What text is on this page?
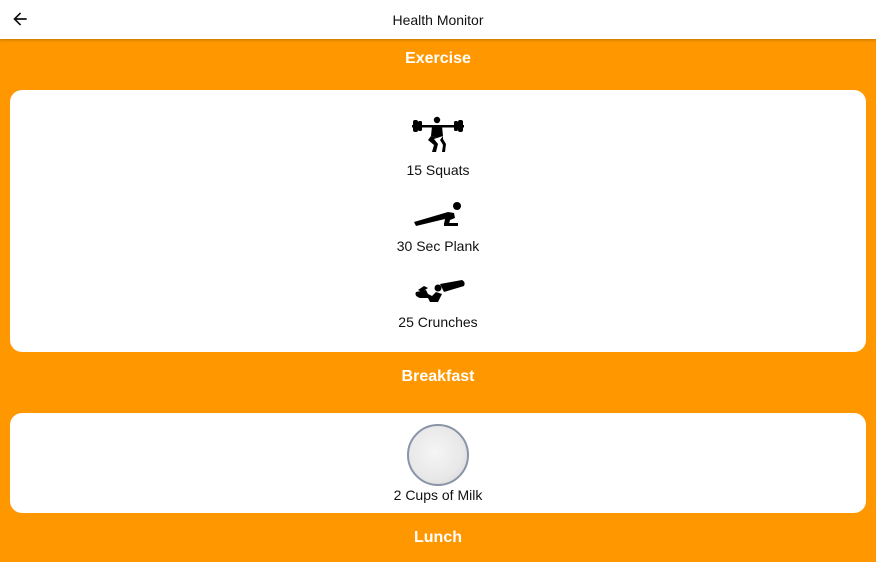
Health Monitor
Exercise
15 Squats
30 Sec Plank
25 Crunches
Breakfast
2 Cups of Milk
Lunch
